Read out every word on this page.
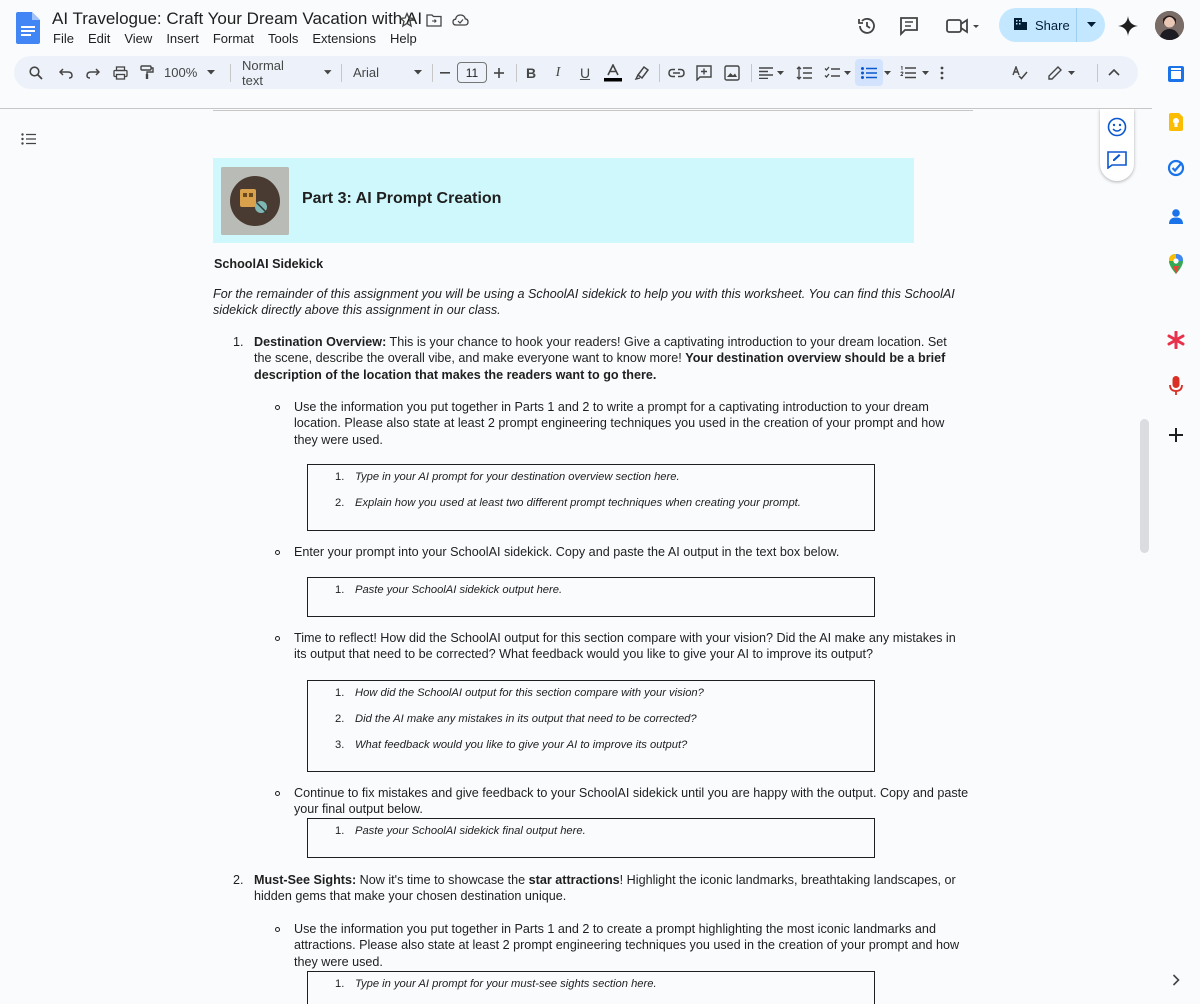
AI Travelogue: Craft Your Dream Vacation with AI
File	Edit	View	Insert	Format	Tools	Extensions	Help
Share
100%	Normal text	Arial	11	B	I	U
Part 3: AI Prompt Creation
SchoolAI Sidekick
For the remainder of this assignment you will be using a SchoolAI sidekick to help you with this worksheet. You can find this SchoolAI sidekick directly above this assignment in our class.
1. Destination Overview: This is your chance to hook your readers! Give a captivating introduction to your dream location. Set the scene, describe the overall vibe, and make everyone want to know more! Your destination overview should be a brief description of the location that makes the readers want to go there.
Use the information you put together in Parts 1 and 2 to write a prompt for a captivating introduction to your dream location. Please also state at least 2 prompt engineering techniques you used in the creation of your prompt and how they were used.
1. Type in your AI prompt for your destination overview section here.
2. Explain how you used at least two different prompt techniques when creating your prompt.
Enter your prompt into your SchoolAI sidekick. Copy and paste the AI output in the text box below.
1. Paste your SchoolAI sidekick output here.
Time to reflect! How did the SchoolAI output for this section compare with your vision? Did the AI make any mistakes in its output that need to be corrected? What feedback would you like to give your AI to improve its output?
1. How did the SchoolAI output for this section compare with your vision?
2. Did the AI make any mistakes in its output that need to be corrected?
3. What feedback would you like to give your AI to improve its output?
Continue to fix mistakes and give feedback to your SchoolAI sidekick until you are happy with the output. Copy and paste your final output below.
1. Paste your SchoolAI sidekick final output here.
2. Must-See Sights: Now it's time to showcase the star attractions! Highlight the iconic landmarks, breathtaking landscapes, or hidden gems that make your chosen destination unique.
Use the information you put together in Parts 1 and 2 to create a prompt highlighting the most iconic landmarks and attractions. Please also state at least 2 prompt engineering techniques you used in the creation of your prompt and how they were used.
1. Type in your AI prompt for your must-see sights section here.
